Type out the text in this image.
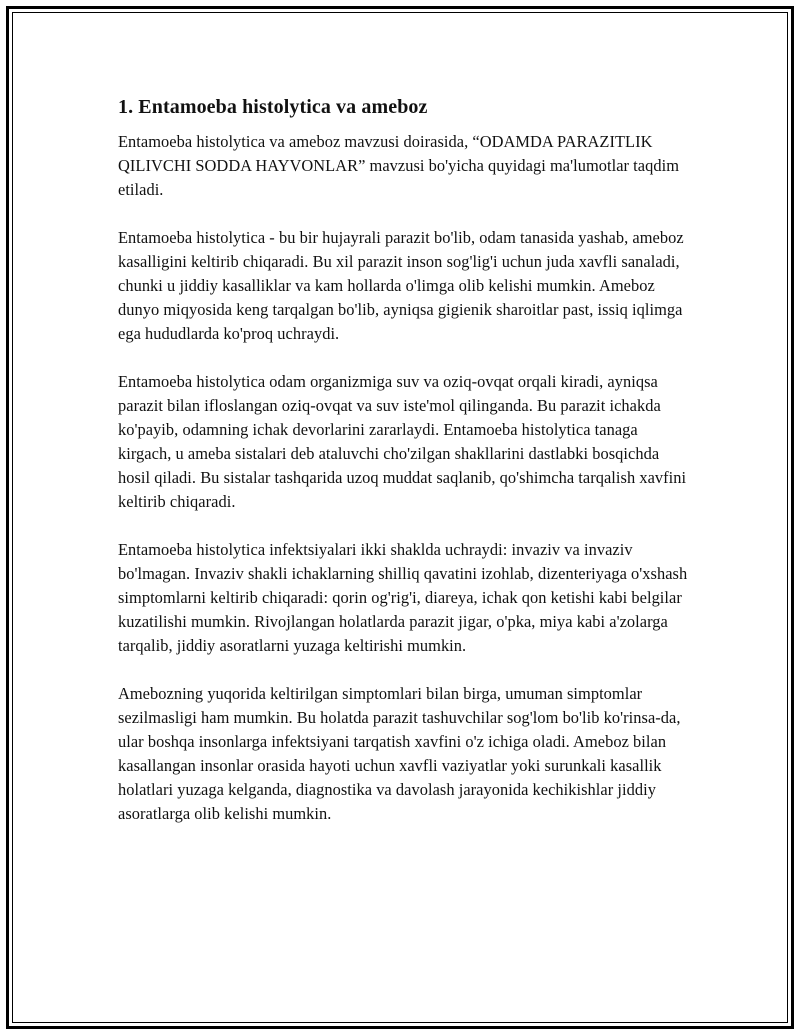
1. Entamoeba histolytica va ameboz

Entamoeba histolytica va ameboz mavzusi doirasida, “ODAMDA PARAZITLIK QILIVCHI SODDA HAYVONLAR” mavzusi bo'yicha quyidagi ma'lumotlar taqdim etiladi.

Entamoeba histolytica - bu bir hujayrali parazit bo'lib, odam tanasida yashab, ameboz kasalligini keltirib chiqaradi. Bu xil parazit inson sog'lig'i uchun juda xavfli sanaladi, chunki u jiddiy kasalliklar va kam hollarda o'limga olib kelishi mumkin. Ameboz dunyo miqyosida keng tarqalgan bo'lib, ayniqsa gigienik sharoitlar past, issiq iqlimga ega hududlarda ko'proq uchraydi.

Entamoeba histolytica odam organizmiga suv va oziq-ovqat orqali kiradi, ayniqsa parazit bilan ifloslangan oziq-ovqat va suv iste'mol qilinganda. Bu parazit ichakda ko'payib, odamning ichak devorlarini zararlaydi. Entamoeba histolytica tanaga kirgach, u ameba sistalari deb ataluvchi cho'zilgan shakllarini dastlabki bosqichda hosil qiladi. Bu sistalar tashqarida uzoq muddat saqlanib, qo'shimcha tarqalish xavfini keltirib chiqaradi.

Entamoeba histolytica infektsiyalari ikki shaklda uchraydi: invaziv va invaziv bo'lmagan. Invaziv shakli ichaklarning shilliq qavatini izohlab, dizenteriyaga o'xshash simptomlarni keltirib chiqaradi: qorin og'rig'i, diareya, ichak qon ketishi kabi belgilar kuzatilishi mumkin. Rivojlangan holatlarda parazit jigar, o'pka, miya kabi a'zolarga tarqalib, jiddiy asoratlarni yuzaga keltirishi mumkin.

Amebozning yuqorida keltirilgan simptomlari bilan birga, umuman simptomlar sezilmasligi ham mumkin. Bu holatda parazit tashuvchilar sog'lom bo'lib ko'rinsa-da, ular boshqa insonlarga infektsiyani tarqatish xavfini o'z ichiga oladi. Ameboz bilan kasallangan insonlar orasida hayoti uchun xavfli vaziyatlar yoki surunkali kasallik holatlari yuzaga kelganda, diagnostika va davolash jarayonida kechikishlar jiddiy asoratlarga olib kelishi mumkin.
